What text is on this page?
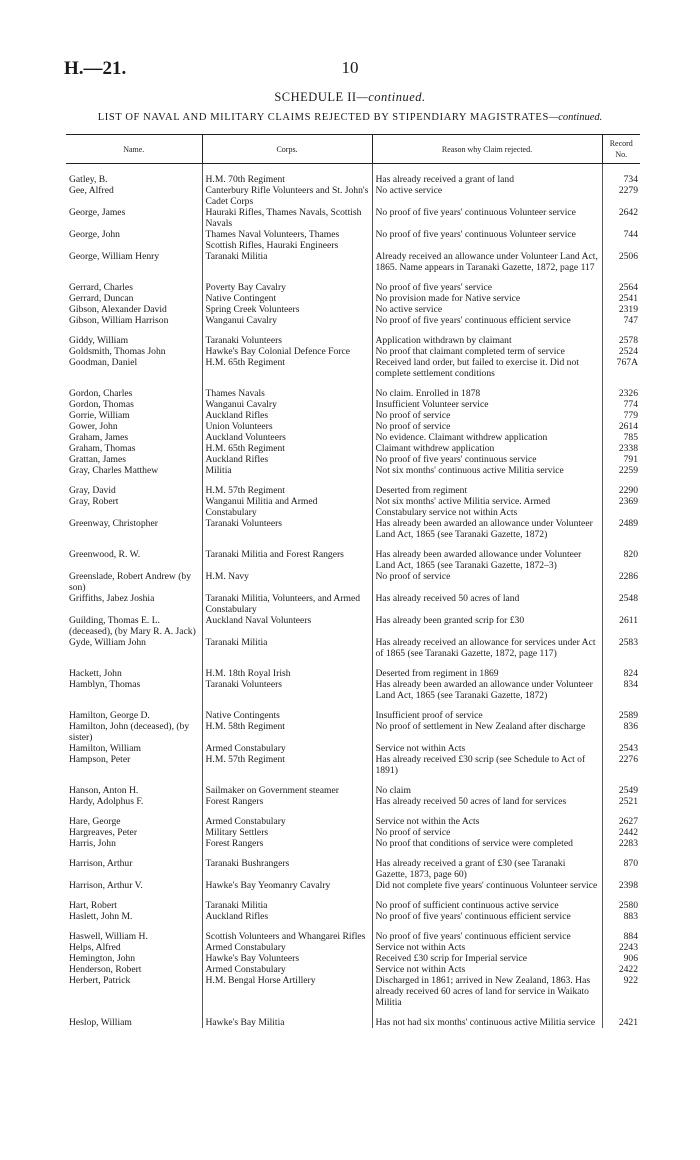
H.—21.	10
SCHEDULE II—continued.
LIST OF NAVAL AND MILITARY CLAIMS REJECTED BY STIPENDIARY MAGISTRATES—continued.
Name.	Corps.	Reason why Claim rejected.	Record No.
Gatley, B.	H.M. 70th Regiment	Has already received a grant of land	734
Gee, Alfred	Canterbury Rifle Volunteers and St. John's Cadet Corps	No active service	2279
George, James	Hauraki Rifles, Thames Navals, Scottish Navals	No proof of five years' continuous Volunteer service	2642
George, John	Thames Naval Volunteers, Thames Scottish Rifles, Hauraki Engineers	No proof of five years' continuous Volunteer service	744
George, William Henry	Taranaki Militia	Already received an allowance under Volunteer Land Act, 1865. Name appears in Taranaki Gazette, 1872, page 117	2506
Gerrard, Charles	Poverty Bay Cavalry	No proof of five years' service	2564
Gerrard, Duncan	Native Contingent	No provision made for Native service	2541
Gibson, Alexander David	Spring Creek Volunteers	No active service	2319
Gibson, William Harrison	Wanganui Cavalry	No proof of five years' continuous efficient service	747
Giddy, William	Taranaki Volunteers	Application withdrawn by claimant	2578
Goldsmith, Thomas John	Hawke's Bay Colonial Defence Force	No proof that claimant completed term of service	2524
Goodman, Daniel	H.M. 65th Regiment	Received land order, but failed to exercise it. Did not complete settlement conditions	767A
Gordon, Charles	Thames Navals	No claim. Enrolled in 1878	2326
Gordon, Thomas	Wanganui Cavalry	Insufficient Volunteer service	774
Gorrie, William	Auckland Rifles	No proof of service	779
Gower, John	Union Volunteers	No proof of service	2614
Graham, James	Auckland Volunteers	No evidence. Claimant withdrew application	785
Graham, Thomas	H.M. 65th Regiment	Claimant withdrew application	2338
Grattan, James	Auckland Rifles	No proof of five years' continuous service	791
Gray, Charles Matthew	Militia	Not six months' continuous active Militia service	2259
Gray, David	H.M. 57th Regiment	Deserted from regiment	2290
Gray, Robert	Wanganui Militia and Armed Constabulary	Not six months' active Militia service. Armed Constabulary service not within Acts	2369
Greenway, Christopher	Taranaki Volunteers	Has already been awarded an allowance under Volunteer Land Act, 1865 (see Taranaki Gazette, 1872)	2489
Greenwood, R. W.	Taranaki Militia and Forest Rangers	Has already been awarded allowance under Volunteer Land Act, 1865 (see Taranaki Gazette, 1872–3)	820
Greenslade, Robert Andrew (by son)	H.M. Navy	No proof of service	2286
Griffiths, Jabez Joshia	Taranaki Militia, Volunteers, and Armed Constabulary	Has already received 50 acres of land	2548
Guilding, Thomas E. L. (deceased), (by Mary R. A. Jack)	Auckland Naval Volunteers	Has already been granted scrip for £30	2611
Gyde, William John	Taranaki Militia	Has already received an allowance for services under Act of 1865 (see Taranaki Gazette, 1872, page 117)	2583
Hackett, John	H.M. 18th Royal Irish	Deserted from regiment in 1869	824
Hamblyn, Thomas	Taranaki Volunteers	Has already been awarded an allowance under Volunteer Land Act, 1865 (see Taranaki Gazette, 1872)	834
Hamilton, George D.	Native Contingents	Insufficient proof of service	2589
Hamilton, John (deceased), (by sister)	H.M. 58th Regiment	No proof of settlement in New Zealand after discharge	836
Hamilton, William	Armed Constabulary	Service not within Acts	2543
Hampson, Peter	H.M. 57th Regiment	Has already received £30 scrip (see Schedule to Act of 1891)	2276
Hanson, Anton H.	Sailmaker on Government steamer	No claim	2549
Hardy, Adolphus F.	Forest Rangers	Has already received 50 acres of land for services	2521
Hare, George	Armed Constabulary	Service not within the Acts	2627
Hargreaves, Peter	Military Settlers	No proof of service	2442
Harris, John	Forest Rangers	No proof that conditions of service were completed	2283
Harrison, Arthur	Taranaki Bushrangers	Has already received a grant of £30 (see Taranaki Gazette, 1873, page 60)	870
Harrison, Arthur V.	Hawke's Bay Yeomanry Cavalry	Did not complete five years' continuous Volunteer service	2398
Hart, Robert	Taranaki Militia	No proof of sufficient continuous active service	2580
Haslett, John M.	Auckland Rifles	No proof of five years' continuous efficient service	883
Haswell, William H.	Scottish Volunteers and Whangarei Rifles	No proof of five years' continuous efficient service	884
Helps, Alfred	Armed Constabulary	Service not within Acts	2243
Hemington, John	Hawke's Bay Volunteers	Received £30 scrip for Imperial service	906
Henderson, Robert	Armed Constabulary	Service not within Acts	2422
Herbert, Patrick	H.M. Bengal Horse Artillery	Discharged in 1861; arrived in New Zealand, 1863. Has already received 60 acres of land for service in Waikato Militia	922
Heslop, William	Hawke's Bay Militia	Has not had six months' continuous active Militia service	2421
